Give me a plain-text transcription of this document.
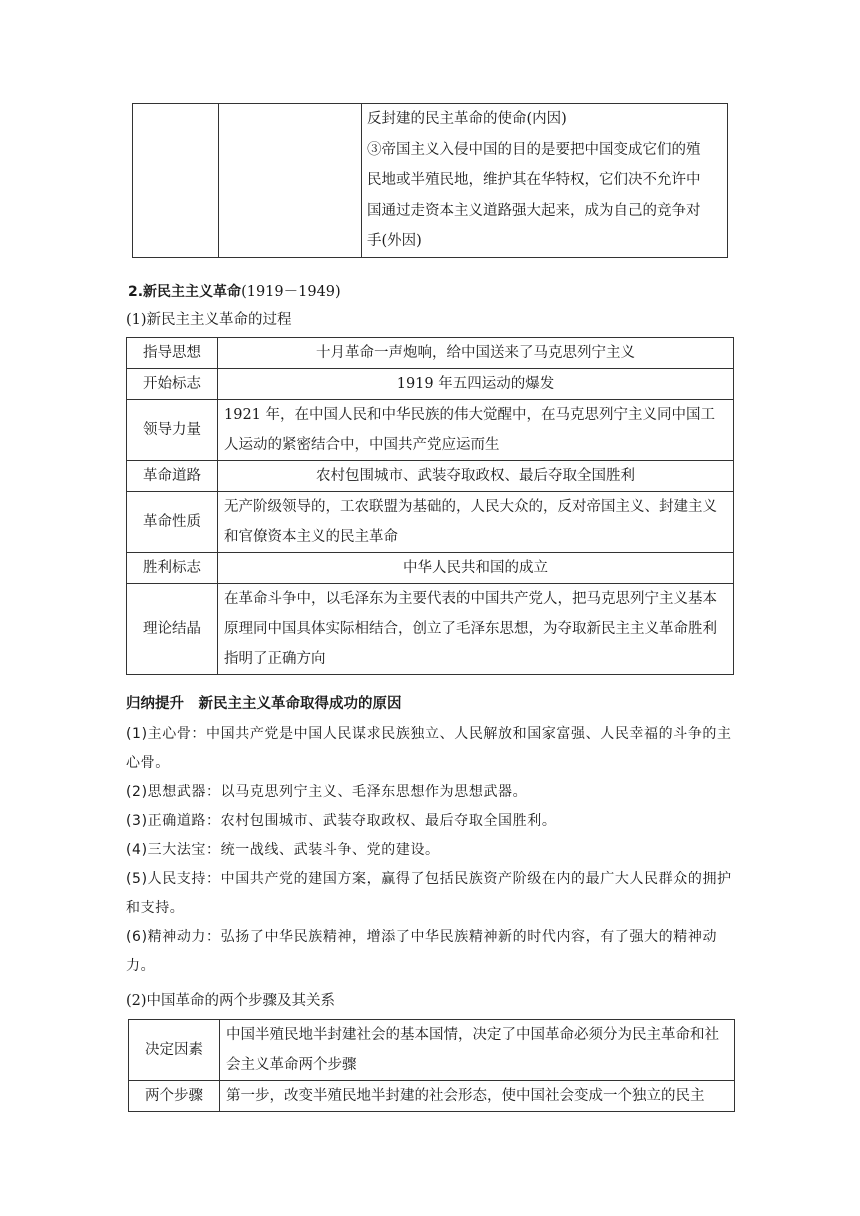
反封建的民主革命的使命(内因)
③帝国主义入侵中国的目的是要把中国变成它们的殖
民地或半殖民地，维护其在华特权，它们决不允许中
国通过走资本主义道路强大起来，成为自己的竞争对
手(外因)
2.新民主主义革命(1919－1949)
(1)新民主主义革命的过程
指导思想	十月革命一声炮响，给中国送来了马克思列宁主义
开始标志	1919 年五四运动的爆发
领导力量	1921 年，在中国人民和中华民族的伟大觉醒中，在马克思列宁主义同中国工人运动的紧密结合中，中国共产党应运而生
革命道路	农村包围城市、武装夺取政权、最后夺取全国胜利
革命性质	无产阶级领导的，工农联盟为基础的，人民大众的，反对帝国主义、封建主义和官僚资本主义的民主革命
胜利标志	中华人民共和国的成立
理论结晶	在革命斗争中，以毛泽东为主要代表的中国共产党人，把马克思列宁主义基本原理同中国具体实际相结合，创立了毛泽东思想，为夺取新民主主义革命胜利指明了正确方向
归纳提升　新民主主义革命取得成功的原因

(1)主心骨：中国共产党是中国人民谋求民族独立、人民解放和国家富强、人民幸福的斗争的主心骨。

(2)思想武器：以马克思列宁主义、毛泽东思想作为思想武器。

(3)正确道路：农村包围城市、武装夺取政权、最后夺取全国胜利。

(4)三大法宝：统一战线、武装斗争、党的建设。

(5)人民支持：中国共产党的建国方案，赢得了包括民族资产阶级在内的最广大人民群众的拥护和支持。

(6)精神动力：弘扬了中华民族精神，增添了中华民族精神新的时代内容，有了强大的精神动力。

(2)中国革命的两个步骤及其关系
决定因素	中国半殖民地半封建社会的基本国情，决定了中国革命必须分为民主革命和社会主义革命两个步骤
两个步骤	第一步，改变半殖民地半封建的社会形态，使中国社会变成一个独立的民主
